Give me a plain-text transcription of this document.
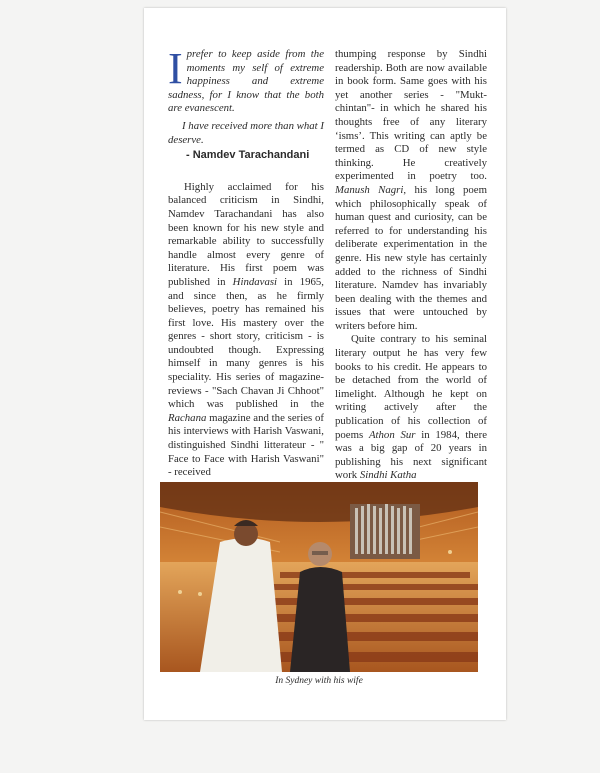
Iprefer to keep aside from the moments my self of extreme happiness and extreme sadness, for I know that the both are evanescent.

I have received more than what I deserve.

- Namdev Tarachandani

Highly acclaimed for his balanced criticism in Sindhi, Namdev Tarachandani has also been known for his new style and remarkable ability to successfully handle almost every genre of literature. His first poem was published in Hindavasi in 1965, and since then, as he firmly believes, poetry has remained his first love. His mastery over the genres - short story, criticism - is undoubted though. Expressing himself in many genres is his speciality. His series of magazine-reviews - "Sach Chavan Ji Chhoot" which was published in the Rachana magazine and the series of his interviews with Harish Vaswani, distinguished Sindhi litterateur - " Face to Face with Harish Vaswani" - received

thumping response by Sindhi readership. Both are now available in book form. Same goes with his yet another series - "Mukt-chintan"- in which he shared his thoughts free of any literary ‘isms’. This writing can aptly be termed as CD of new style thinking. He creatively experimented in poetry too. Manush Nagri, his long poem which philosophically speak of human quest and curiosity, can be referred to for understanding his deliberate experimentation in the genre. His new style has certainly added to the richness of Sindhi literature. Namdev has invariably been dealing with the themes and issues that were untouched by writers before him.

Quite contrary to his seminal literary output he has very few books to his credit. He appears to be detached from the world of limelight. Although he kept on writing actively after the publication of his collection of poems Athon Sur in 1984, there was a big gap of 20 years in publishing his next significant work Sindhi Katha

In Sydney with his wife
